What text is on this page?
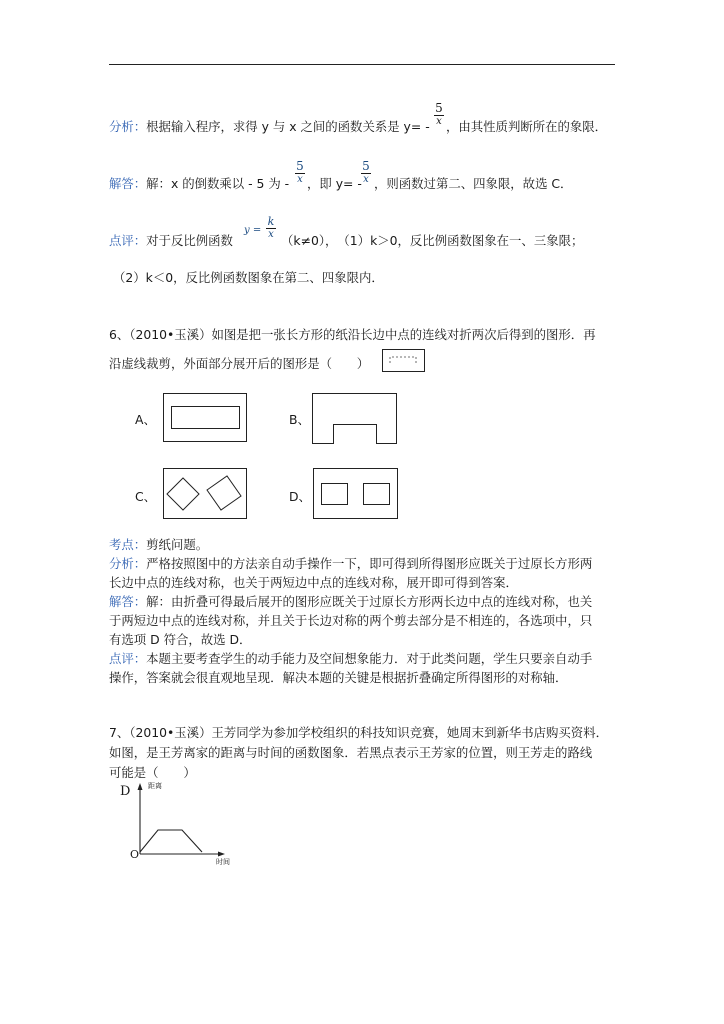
分析：根据输入程序，求得 y 与 x 之间的函数关系是 y= -
5
x ，由其性质判断所在的象限．
解答：解：x 的倒数乘以 - 5 为 -
5
x ，即 y= -
5
x ，则函数过第二、四象限，故选 C．
点评：对于反比例函数
y =
k
x （k≠0），　（1）k＞0，反比例函数图象在一、三象限；
（2）k＜0，反比例函数图象在第二、四象限内．
6、（2010•玉溪）如图是把一张长方形的纸沿长边中点的连线对折两次后得到的图形．再
沿虚线裁剪，外面部分展开后的图形是（　　）
A、	B、
C、	D、
考点：剪纸问题。
分析：严格按照图中的方法亲自动手操作一下，即可得到所得图形应既关于过原长方形两
长边中点的连线对称，也关于两短边中点的连线对称，展开即可得到答案．
解答：解：由折叠可得最后展开的图形应既关于过原长方形两长边中点的连线对称，也关
于两短边中点的连线对称，并且关于长边对称的两个剪去部分是不相连的，各选项中，只
有选项 D 符合，故选 D．
点评：本题主要考查学生的动手能力及空间想象能力．对于此类问题，学生只要亲自动手
操作，答案就会很直观地呈现．解决本题的关键是根据折叠确定所得图形的对称轴．
7、（2010•玉溪）王芳同学为参加学校组织的科技知识竞赛，她周末到新华书店购买资料．
如图，是王芳离家的距离与时间的函数图象．若黑点表示王芳家的位置，则王芳走的路线
可能是（　　）
D	距离
O
时间
